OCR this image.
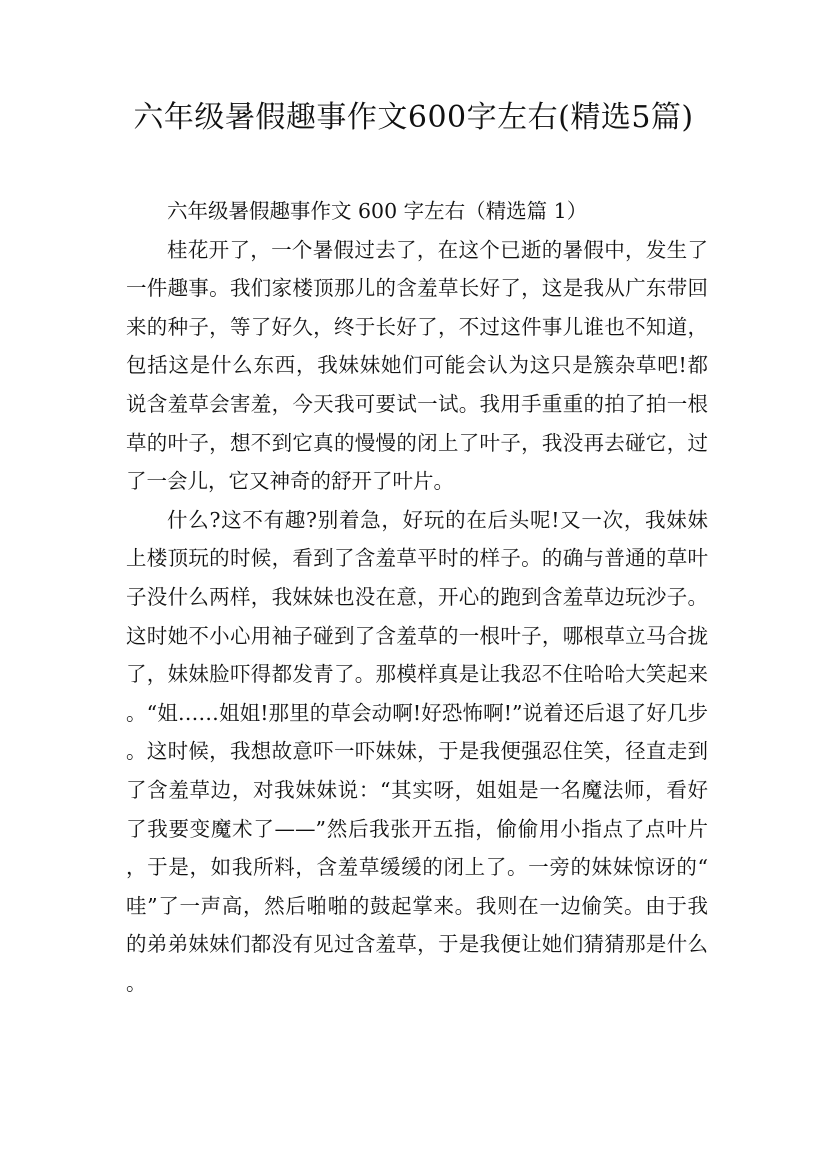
六年级暑假趣事作文600字左右(精选5篇)

六年级暑假趣事作文 600 字左右（精选篇 1）

桂花开了，一个暑假过去了，在这个已逝的暑假中，发生了一件趣事。我们家楼顶那儿的含羞草长好了，这是我从广东带回来的种子，等了好久，终于长好了，不过这件事儿谁也不知道，包括这是什么东西，我妹妹她们可能会认为这只是簇杂草吧!都说含羞草会害羞，今天我可要试一试。我用手重重的拍了拍一根草的叶子，想不到它真的慢慢的闭上了叶子，我没再去碰它，过了一会儿，它又神奇的舒开了叶片。

什么?这不有趣?别着急，好玩的在后头呢!又一次，我妹妹上楼顶玩的时候，看到了含羞草平时的样子。的确与普通的草叶子没什么两样，我妹妹也没在意，开心的跑到含羞草边玩沙子。这时她不小心用袖子碰到了含羞草的一根叶子，哪根草立马合拢了，妹妹脸吓得都发青了。那模样真是让我忍不住哈哈大笑起来。“姐……姐姐!那里的草会动啊!好恐怖啊!”说着还后退了好几步。这时候，我想故意吓一吓妹妹，于是我便强忍住笑，径直走到了含羞草边，对我妹妹说：“其实呀，姐姐是一名魔法师，看好了我要变魔术了——”然后我张开五指，偷偷用小指点了点叶片，于是，如我所料，含羞草缓缓的闭上了。一旁的妹妹惊讶的“哇”了一声高，然后啪啪的鼓起掌来。我则在一边偷笑。由于我的弟弟妹妹们都没有见过含羞草，于是我便让她们猜猜那是什么。
